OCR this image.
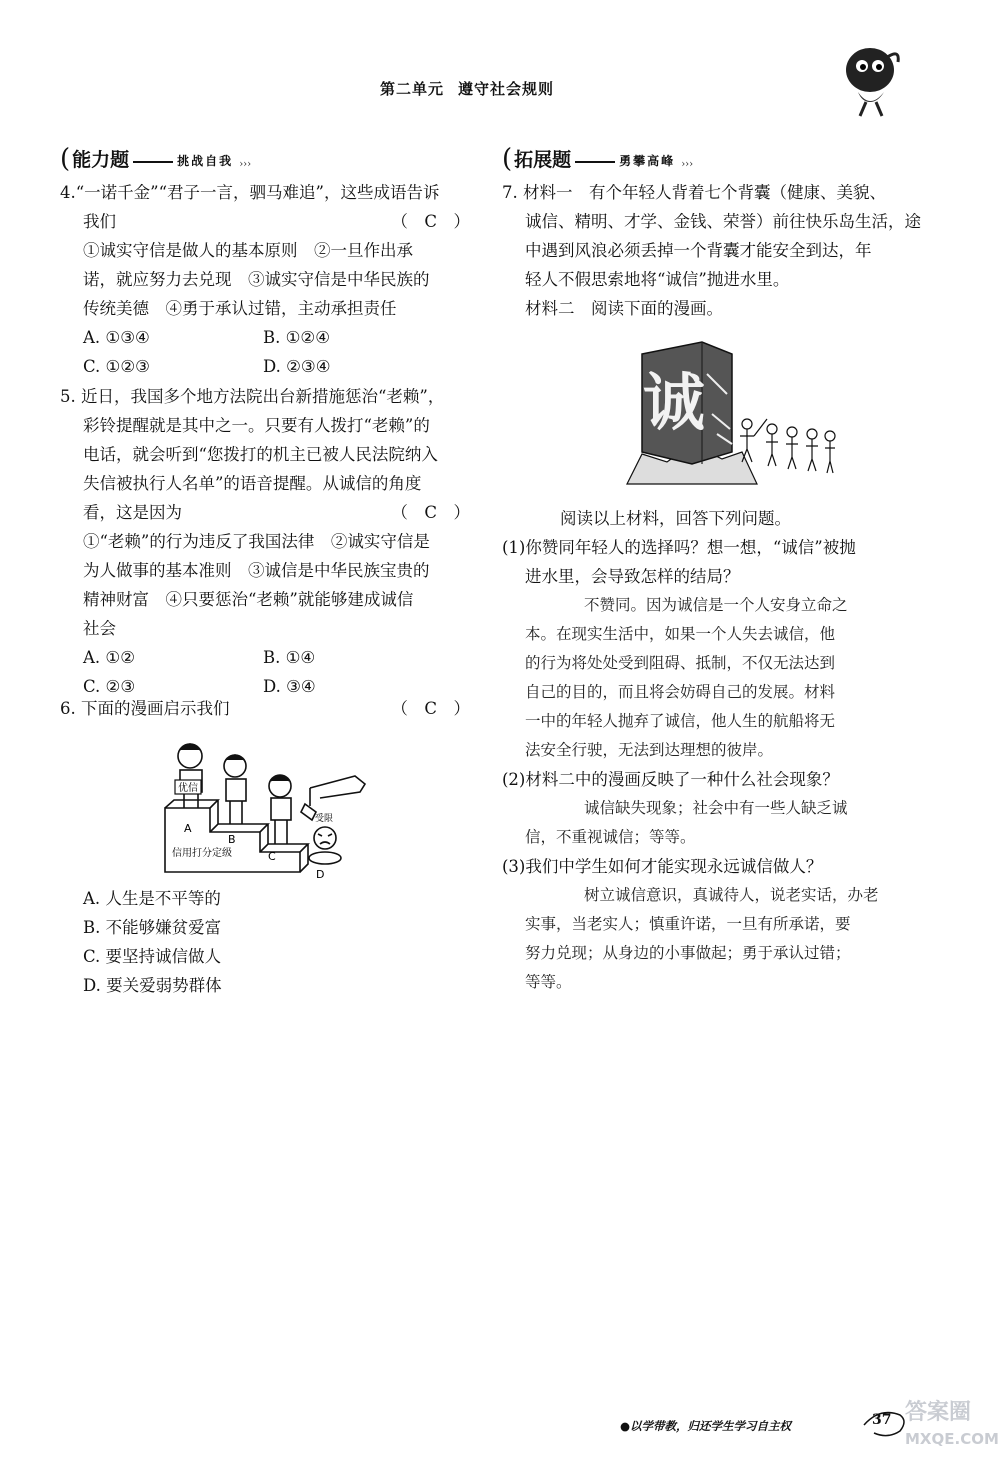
第二单元 遵守社会规则
( 能力题	挑战自我 ›››
4.“一诺千金”“君子一言，驷马难追”，这些成语告诉
我们	（　C　）
①诚实守信是做人的基本原则　②一旦作出承
诺，就应努力去兑现　③诚实守信是中华民族的
传统美德　④勇于承认过错，主动承担责任
A. ①③④	B. ①②④
C. ①②③	D. ②③④
5. 近日，我国多个地方法院出台新措施惩治“老赖”，
彩铃提醒就是其中之一。只要有人拨打“老赖”的
电话，就会听到“您拨打的机主已被人民法院纳入
失信被执行人名单”的语音提醒。从诚信的角度
看，这是因为	（　C　）
①“老赖”的行为违反了我国法律　②诚实守信是
为人做事的基本准则　③诚信是中华民族宝贵的
精神财富　④只要惩治“老赖”就能够建成诚信
社会
A. ①②	B. ①④
C. ②③	D. ③④
6. 下面的漫画启示我们	（　C　）
优信
受限
A
B
C
D
信用打分定级
A. 人生是不平等的
B. 不能够嫌贫爱富
C. 要坚持诚信做人
D. 要关爱弱势群体
( 拓展题	勇攀高峰 ›››
7. 材料一　有个年轻人背着七个背囊（健康、美貌、
诚信、精明、才学、金钱、荣誉）前往快乐岛生活，途
中遇到风浪必须丢掉一个背囊才能安全到达，年
轻人不假思索地将“诚信”抛进水里。
材料二　阅读下面的漫画。
诚
阅读以上材料，回答下列问题。
(1)你赞同年轻人的选择吗？想一想，“诚信”被抛
进水里，会导致怎样的结局？
不赞同。因为诚信是一个人安身立命之
本。在现实生活中，如果一个人失去诚信，他
的行为将处处受到阻碍、抵制，不仅无法达到
自己的目的，而且将会妨碍自己的发展。材料
一中的年轻人抛弃了诚信，他人生的航船将无
法安全行驶，无法到达理想的彼岸。
(2)材料二中的漫画反映了一种什么社会现象？
诚信缺失现象；社会中有一些人缺乏诚
信，不重视诚信；等等。
(3)我们中学生如何才能实现永远诚信做人？
树立诚信意识，真诚待人，说老实话，办老
实事，当老实人；慎重许诺，一旦有所承诺，要
努力兑现；从身边的小事做起；勇于承认过错；
等等。
●以学带教，归还学生学习自主权	37 答案圈
MXQE.COM
